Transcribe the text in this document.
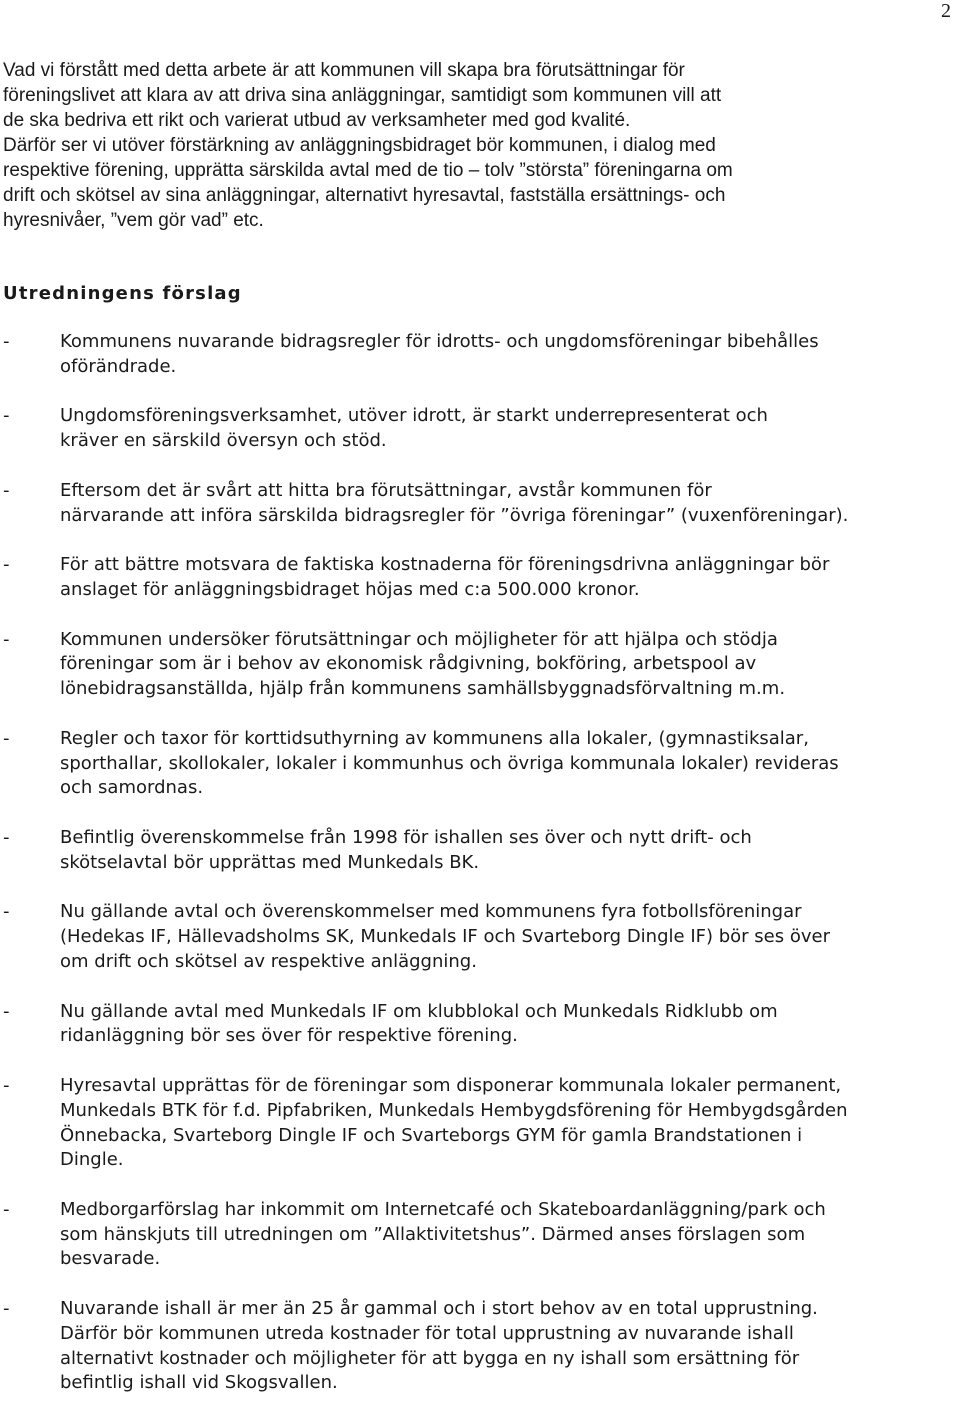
2

Vad vi förstått med detta arbete är att kommunen vill skapa bra förutsättningar för
föreningslivet att klara av att driva sina anläggningar, samtidigt som kommunen vill att
de ska bedriva ett rikt och varierat utbud av verksamheter med god kvalité.

Därför ser vi utöver förstärkning av anläggningsbidraget bör kommunen, i dialog med
respektive förening, upprätta särskilda avtal med de tio – tolv ”största” föreningarna om
drift och skötsel av sina anläggningar, alternativt hyresavtal, fastställa ersättnings- och
hyresnivåer, ”vem gör vad” etc.

Utredningens förslag
-	Kommunens nuvarande bidragsregler för idrotts- och ungdomsföreningar bibehålles
oförändrade.
-	Ungdomsföreningsverksamhet, utöver idrott, är starkt underrepresenterat och
kräver en särskild översyn och stöd.
-	Eftersom det är svårt att hitta bra förutsättningar, avstår kommunen för
närvarande att införa särskilda bidragsregler för ”övriga föreningar” (vuxenföreningar).
-	För att bättre motsvara de faktiska kostnaderna för föreningsdrivna anläggningar bör
anslaget för anläggningsbidraget höjas med c:a 500.000 kronor.
-	Kommunen undersöker förutsättningar och möjligheter för att hjälpa och stödja
föreningar som är i behov av ekonomisk rådgivning, bokföring, arbetspool av
lönebidragsanställda, hjälp från kommunens samhällsbyggnadsförvaltning m.m.
-	Regler och taxor för korttidsuthyrning av kommunens alla lokaler, (gymnastiksalar,
sporthallar, skollokaler, lokaler i kommunhus och övriga kommunala lokaler) revideras
och samordnas.
-	Befintlig överenskommelse från 1998 för ishallen ses över och nytt drift- och
skötselavtal bör upprättas med Munkedals BK.
-	Nu gällande avtal och överenskommelser med kommunens fyra fotbollsföreningar
(Hedekas IF, Hällevadsholms SK, Munkedals IF och Svarteborg Dingle IF) bör ses över
om drift och skötsel av respektive anläggning.
-	Nu gällande avtal med Munkedals IF om klubblokal och Munkedals Ridklubb om
ridanläggning bör ses över för respektive förening.
-	Hyresavtal upprättas för de föreningar som disponerar kommunala lokaler permanent,
Munkedals BTK för f.d. Pipfabriken, Munkedals Hembygdsförening för Hembygdsgården
Önnebacka, Svarteborg Dingle IF och Svarteborgs GYM för gamla Brandstationen i
Dingle.
-	Medborgarförslag har inkommit om Internetcafé och Skateboardanläggning/park och
som hänskjuts till utredningen om ”Allaktivitetshus”. Därmed anses förslagen som
besvarade.
-	Nuvarande ishall är mer än 25 år gammal och i stort behov av en total upprustning.
Därför bör kommunen utreda kostnader för total upprustning av nuvarande ishall
alternativt kostnader och möjligheter för att bygga en ny ishall som ersättning för
befintlig ishall vid Skogsvallen.
